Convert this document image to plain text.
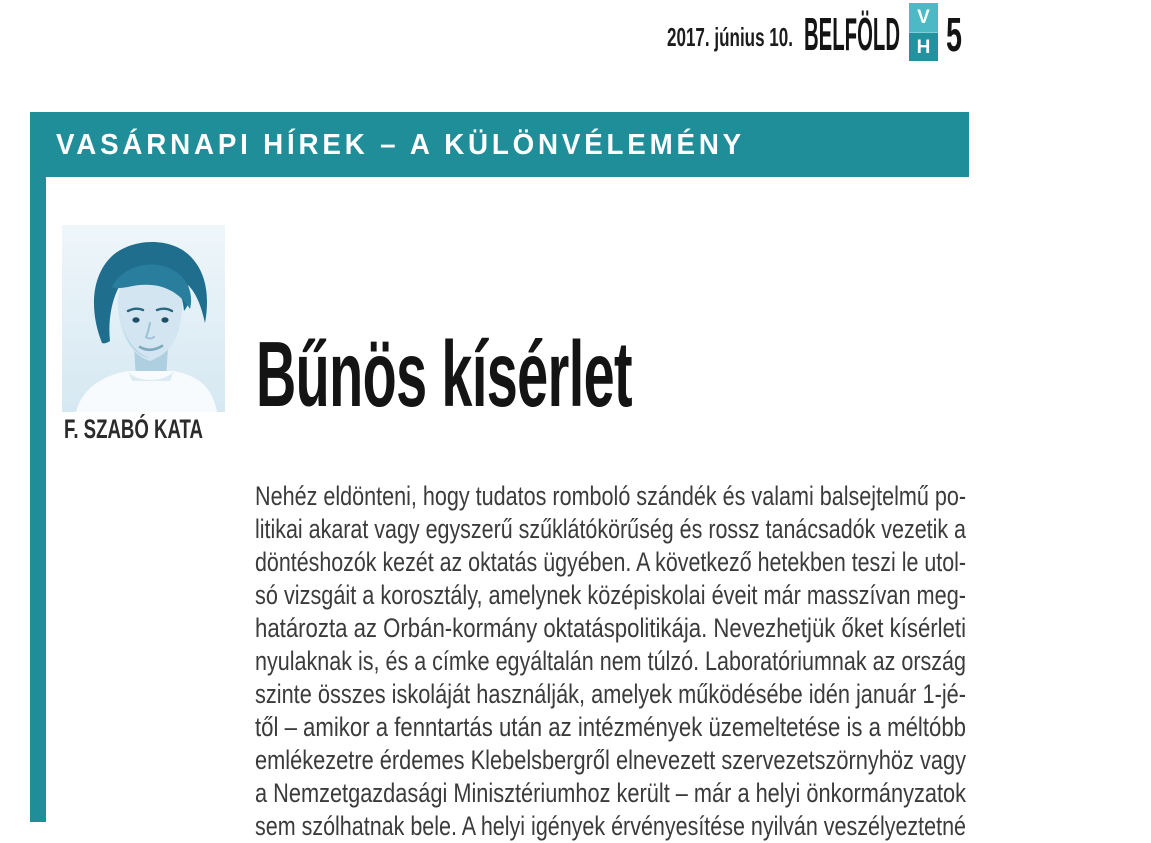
2017. június 10. BELFÖLD V
H 5
VASÁRNAPI HÍREK – A KÜLÖNVÉLEMÉNY
F. SZABÓ KATA
Bűnös kísérlet
Nehéz eldönteni, hogy tudatos romboló szándék és valami balsejtelmű po-
litikai akarat vagy egyszerű szűklátókörűség és rossz tanácsadók vezetik a
döntéshozók kezét az oktatás ügyében. A következő hetekben teszi le utol-
só vizsgáit a korosztály, amelynek középiskolai éveit már masszívan meg-
határozta az Orbán-kormány oktatáspolitikája. Nevezhetjük őket kísérleti
nyulaknak is, és a címke egyáltalán nem túlzó. Laboratóriumnak az ország
szinte összes iskoláját használják, amelyek működésébe idén január 1-jé-
től – amikor a fenntartás után az intézmények üzemeltetése is a méltóbb
emlékezetre érdemes Klebelsbergről elnevezett szervezetszörnyhöz vagy
a Nemzetgazdasági Minisztériumhoz került – már a helyi önkormányzatok
sem szólhatnak bele. A helyi igények érvényesítése nyilván veszélyeztetné
